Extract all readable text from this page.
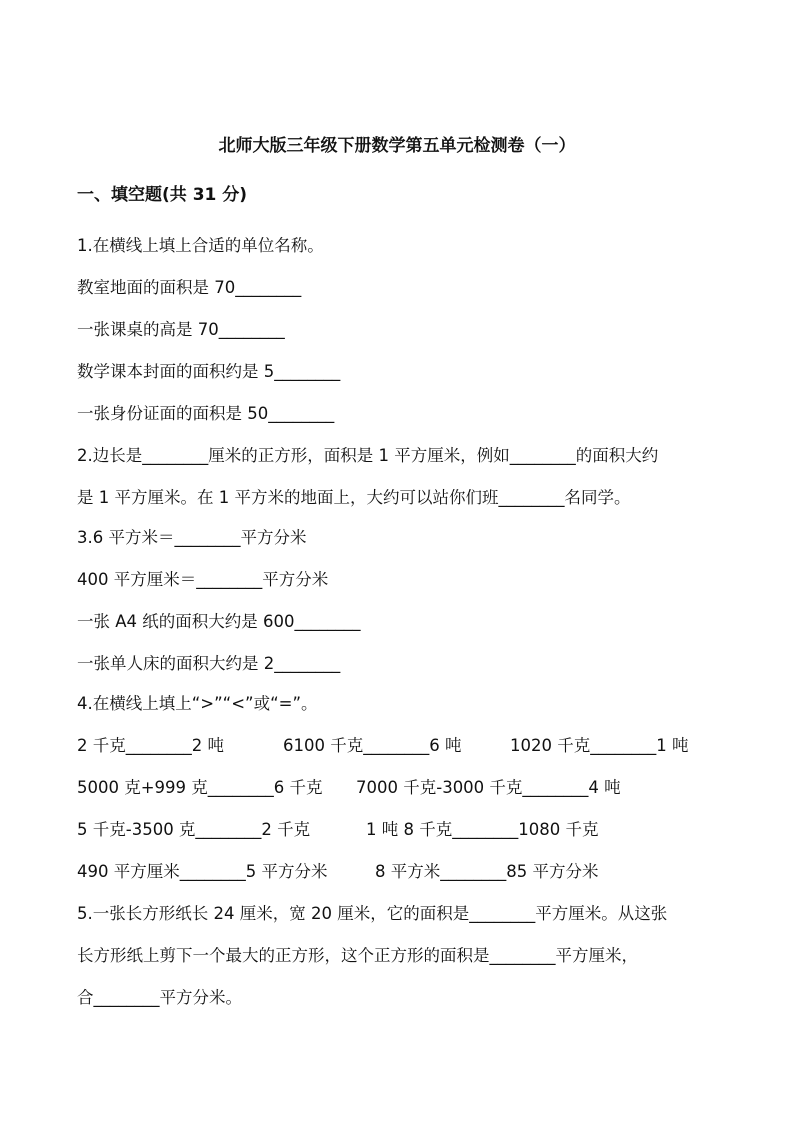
北师大版三年级下册数学第五单元检测卷（一）
一、填空题(共 31 分)
1.在横线上填上合适的单位名称。
教室地面的面积是 70________
一张课桌的高是 70________
数学课本封面的面积约是 5________
一张身份证面的面积是 50________
2.边长是________厘米的正方形，面积是 1 平方厘米，例如________的面积大约
是 1 平方厘米。在 1 平方米的地面上，大约可以站你们班________名同学。
3.6 平方米＝________平方分米
400 平方厘米＝________平方分米
一张 A4 纸的面积大约是 600________
一张单人床的面积大约是 2________
4.在横线上填上“>”“<”或“=”。
2 千克________2 吨	6100 千克________6 吨	1020 千克________1 吨
5000 克+999 克________6 千克 7000 千克-3000 千克________4 吨
5 千克-3500 克________2 千克	1 吨 8 千克________1080 千克
490 平方厘米________5 平方分米	8 平方米________85 平方分米
5.一张长方形纸长 24 厘米，宽 20 厘米，它的面积是________平方厘米。从这张
长方形纸上剪下一个最大的正方形，这个正方形的面积是________平方厘米，
合________平方分米。
